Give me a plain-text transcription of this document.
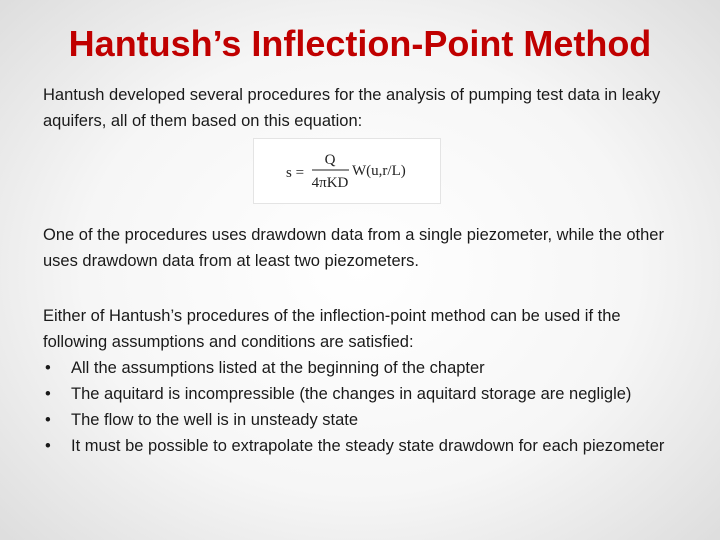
Hantush’s Inflection-Point Method

Hantush developed several procedures for the analysis of pumping test data in leaky aquifers, all of them based on this equation:

s =
Q
4πKD
W(u,r/L)

One of the procedures uses drawdown data from a single piezometer, while the other uses drawdown data from at least two piezometers.

Either of Hantush’s procedures of the inflection-point method can be used if the following assumptions and conditions are satisfied:

• All the assumptions listed at the beginning of the chapter
• The aquitard is incompressible (the changes in aquitard storage are negligle)
• The flow to the well is in unsteady state
• It must be possible to extrapolate the steady state drawdown for each piezometer
